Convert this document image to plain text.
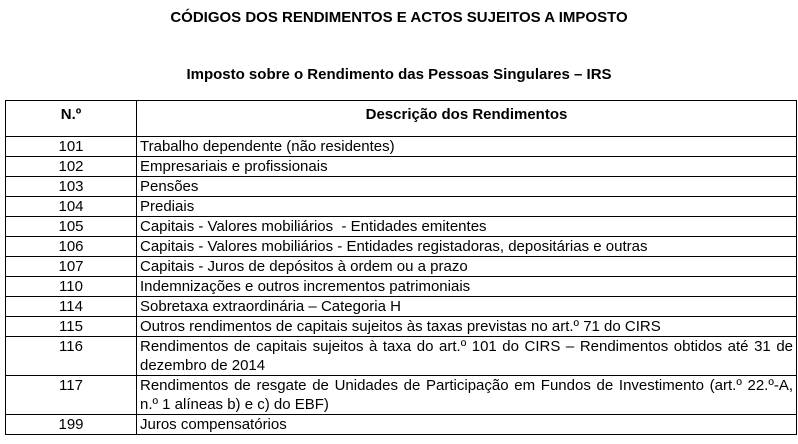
CÓDIGOS DOS RENDIMENTOS E ACTOS SUJEITOS A IMPOSTO
Imposto sobre o Rendimento das Pessoas Singulares – IRS
N.º	Descrição dos Rendimentos
101	Trabalho dependente (não residentes)
102	Empresariais e profissionais
103	Pensões
104	Prediais
105	Capitais - Valores mobiliários  - Entidades emitentes
106	Capitais - Valores mobiliários - Entidades registadoras, depositárias e outras
107	Capitais - Juros de depósitos à ordem ou a prazo
110	Indemnizações e outros incrementos patrimoniais
114	Sobretaxa extraordinária – Categoria H
115	Outros rendimentos de capitais sujeitos às taxas previstas no art.º 71 do CIRS
116	Rendimentos de capitais sujeitos à taxa do art.º 101 do CIRS – Rendimentos obtidos até 31 de dezembro de 2014
117	Rendimentos de resgate de Unidades de Participação em Fundos de Investimento (art.º 22.º-A, n.º 1 alíneas b) e c) do EBF)
199	Juros compensatórios
